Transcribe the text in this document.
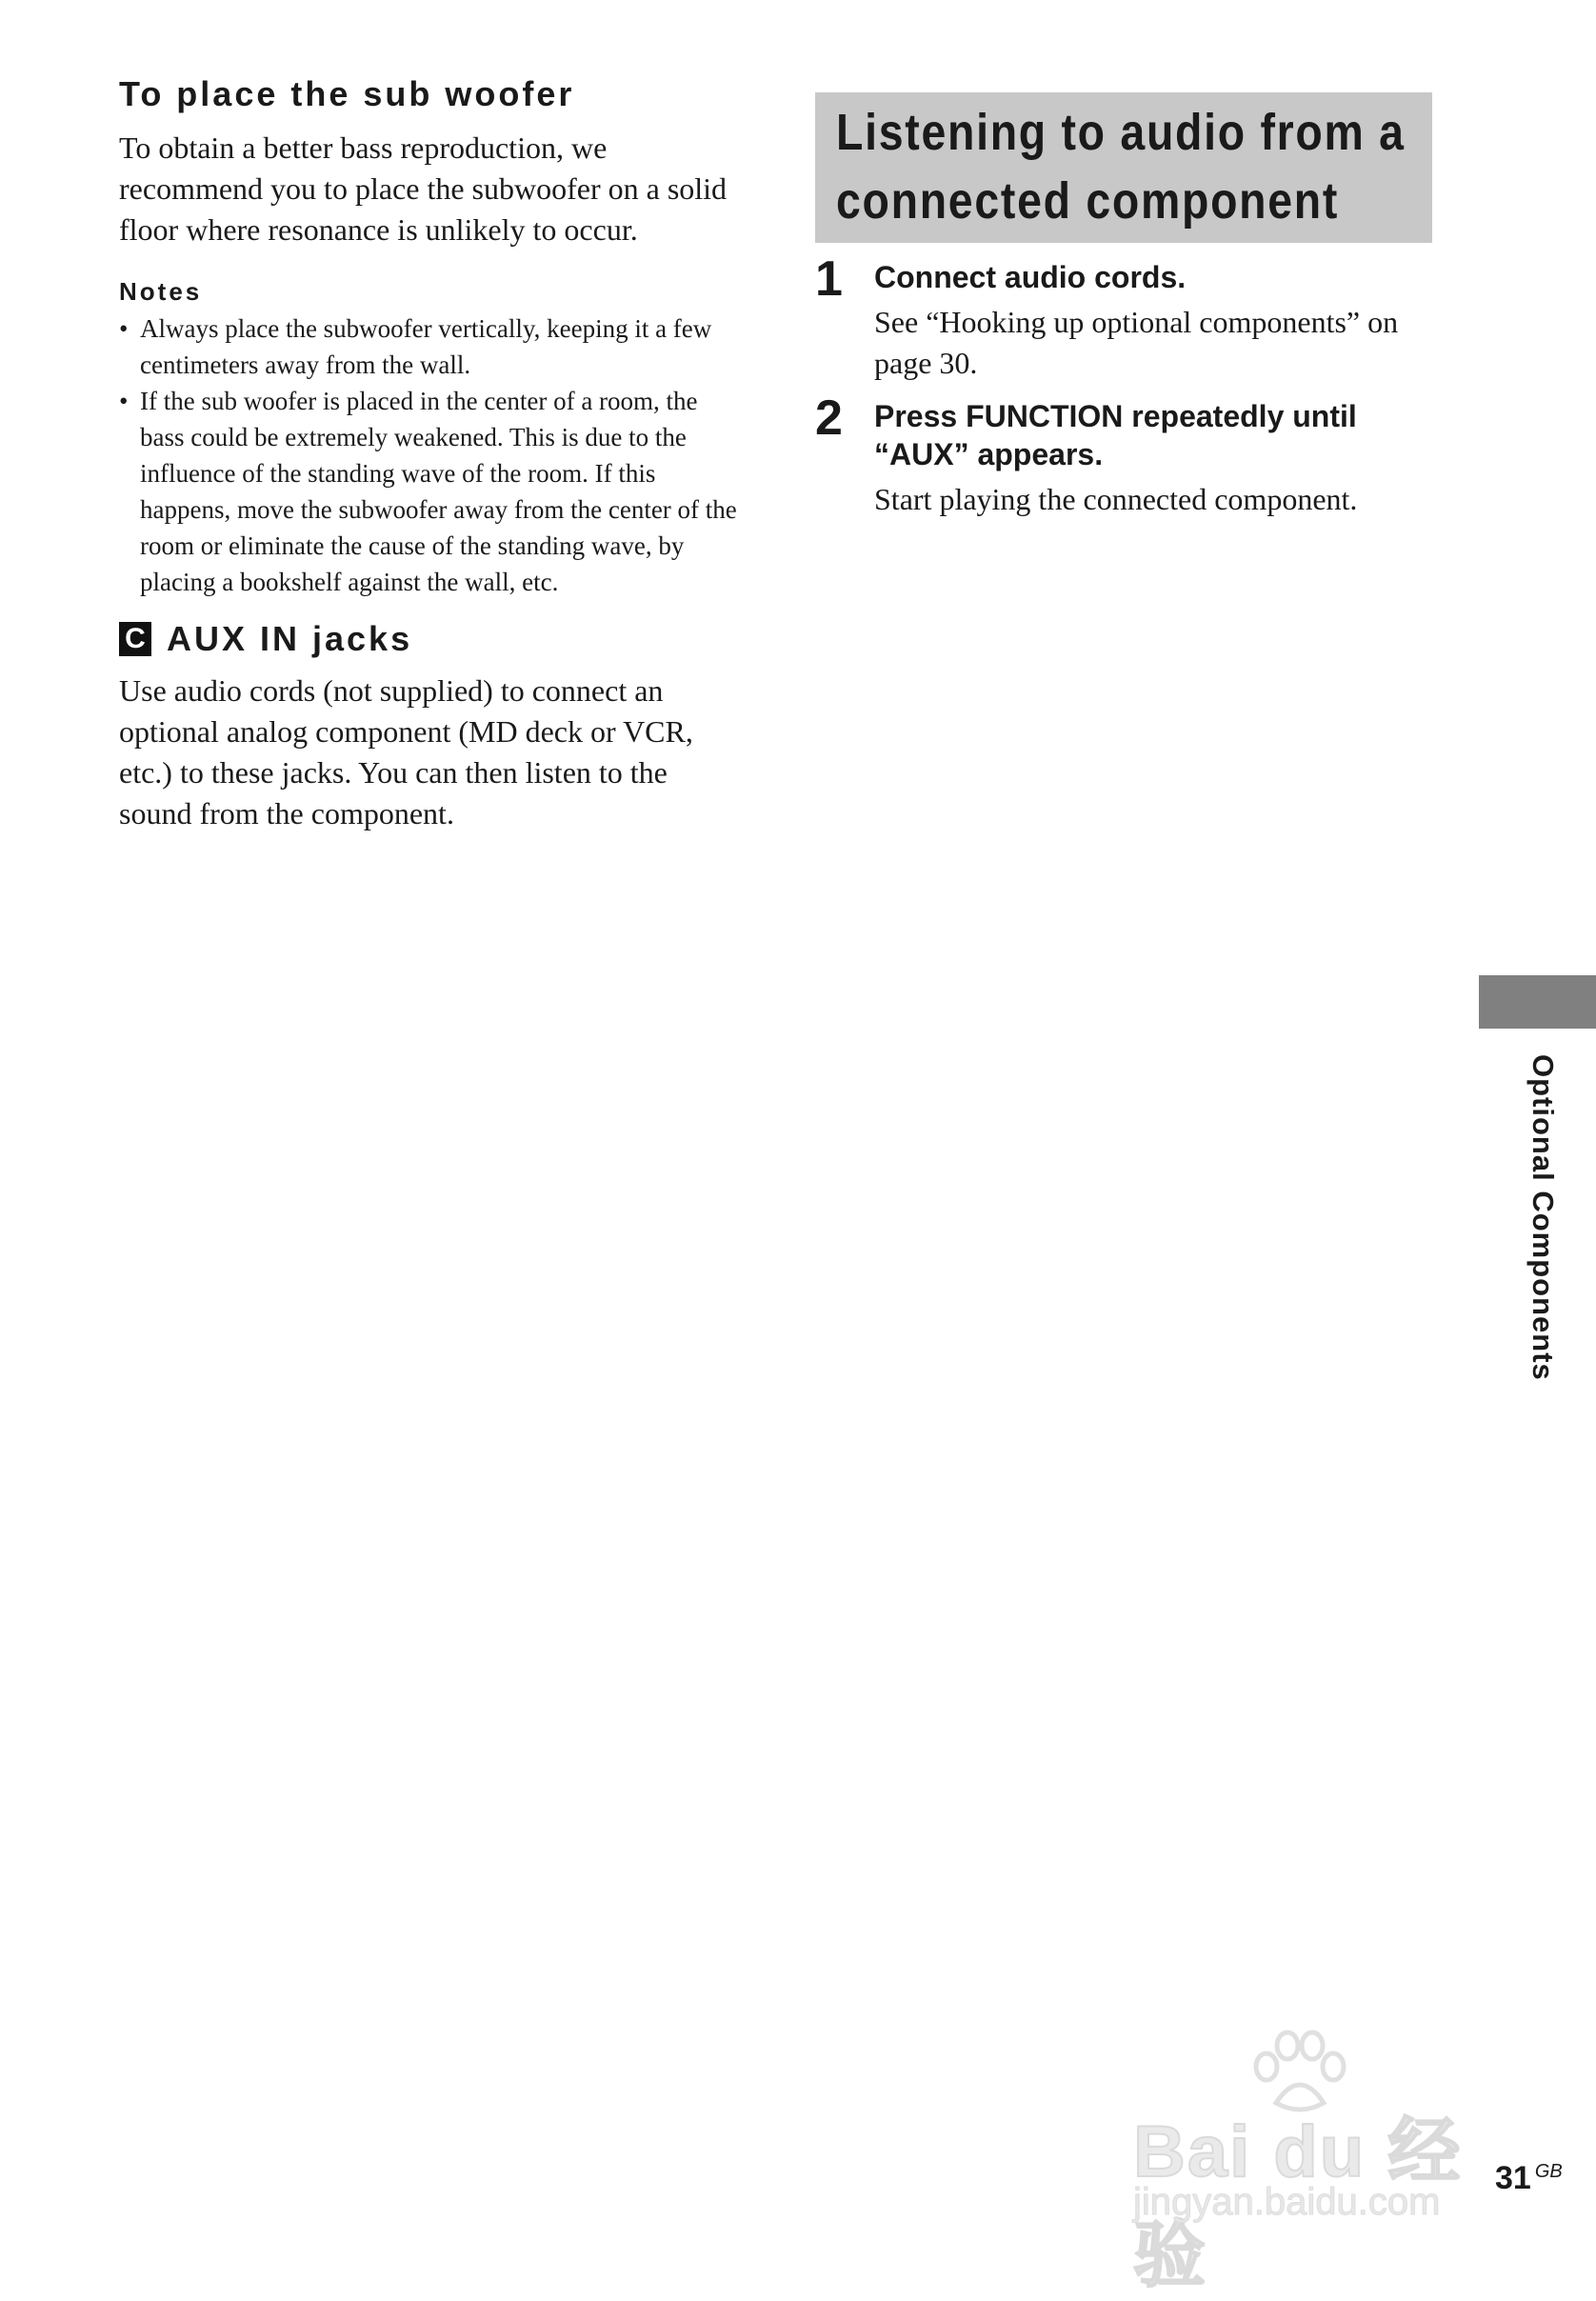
To place the sub woofer

To obtain a better bass reproduction, we recommend you to place the subwoofer on a solid floor where resonance is unlikely to occur.

Notes
• Always place the subwoofer vertically, keeping it a few centimeters away from the wall.
• If the sub woofer is placed in the center of a room, the bass could be extremely weakened. This is due to the influence of the standing wave of the room. If this happens, move the subwoofer away from the center of the room or eliminate the cause of the standing wave, by placing a bookshelf against the wall, etc.
C AUX IN jacks

Use audio cords (not supplied) to connect an optional analog component (MD deck or VCR, etc.) to these jacks. You can then listen to the sound from the component.

Listening to audio from a
connected component
1 Connect audio cords.

See “Hooking up optional components” on page 30.

2 Press FUNCTION repeatedly until
“AUX” appears.

Start playing the connected component.

Optional Components
Bai du 经验
jingyan.baidu.com
31 $^{GB}$
